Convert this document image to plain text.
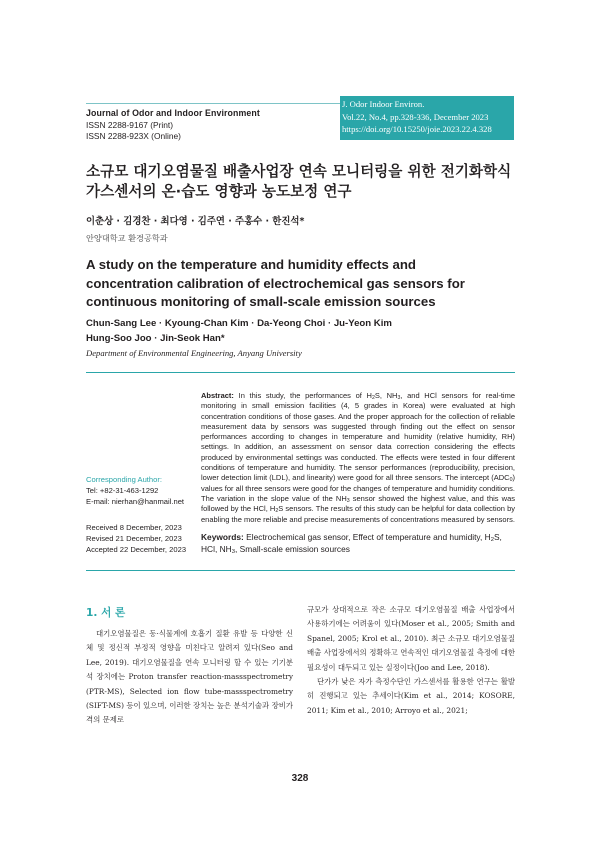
Journal of Odor and Indoor Environment
ISSN 2288-9167 (Print)
ISSN 2288-923X (Online)
J. Odor Indoor Environ.
Vol.22, No.4, pp.328-336, December 2023
https://doi.org/10.15250/joie.2023.22.4.328
소규모 대기오염물질 배출사업장 연속 모니터링을 위한 전기화학식
가스센서의 온·습도 영향과 농도보정 연구
이춘상 · 김경찬 · 최다영 · 김주연 · 주홍수 · 한진석*
안양대학교 환경공학과
A study on the temperature and humidity effects and concentration calibration of electrochemical gas sensors for continuous monitoring of small-scale emission sources
Chun-Sang Lee · Kyoung-Chan Kim · Da-Yeong Choi · Ju-Yeon Kim
Hung-Soo Joo · Jin-Seok Han*
Department of Environmental Engineering, Anyang University
Corresponding Author:
Tel: +82-31-463-1292
E-mail: nierhan@hanmail.net
Received 8 December, 2023
Revised 21 December, 2023
Accepted 22 December, 2023
Abstract: In this study, the performances of $H_2S$, $NH_3$, and HCl sensors for real-time monitoring in small emission facilities (4, 5 grades in Korea) were evaluated at high concentration conditions of those gases. And the proper approach for the collection of reliable measurement data by sensors was suggested through finding out the effect on sensor performances according to changes in temperature and humidity (relative humidity, RH) settings. In addition, an assessment on sensor data correction considering the effects produced by environmental settings was conducted. The effects were tested in four different conditions of temperature and humidity. The sensor performances (reproducibility, precision, lower detection limit (LDL), and linearity) were good for all three sensors. The intercept $(ADC_0)$ values for all three sensors were good for the changes of temperature and humidity conditions. The variation in the slope value of the $NH_3$ sensor showed the highest value, and this was followed by the HCl, $H_2S$ sensors. The results of this study can be helpful for data collection by enabling the more reliable and precise measurements of concentrations measured by sensors.
Keywords: Electrochemical gas sensor, Effect of temperature and humidity, $H_2S$, HCl, $NH_3$, Small-scale emission sources
1. 서 론

대기오염물질은 동·식물계에 호흡기 질환 유발 등 다양한 신체 및 정신적 부정적 영향을 미친다고 알려져 있다(Seo and Lee, 2019). 대기오염물질을 연속 모니터링 할 수 있는 기기분석 장치에는 Proton transfer reaction-massspectrometry (PTR-MS), Selected ion flow tube-massspectrometry (SIFT-MS) 등이 있으며, 이러한 장치는 높은 분석기술과 장비가격의 문제로

규모가 상대적으로 작은 소규모 대기오염물질 배출 사업장에서 사용하기에는 어려움이 있다(Moser et al., 2005; Smith and Spanel, 2005; Krol et al., 2010). 최근 소규모 대기오염물질 배출 사업장에서의 정확하고 연속적인 대기오염물질 측정에 대한 필요성이 대두되고 있는 실정이다(Joo and Lee, 2018).

단가가 낮은 자가 측정수단인 가스센서를 활용한 연구는 활발히 진행되고 있는 추세이다(Kim et al., 2014; KOSORE, 2011; Kim et al., 2010; Arroyo et al., 2021;

328
